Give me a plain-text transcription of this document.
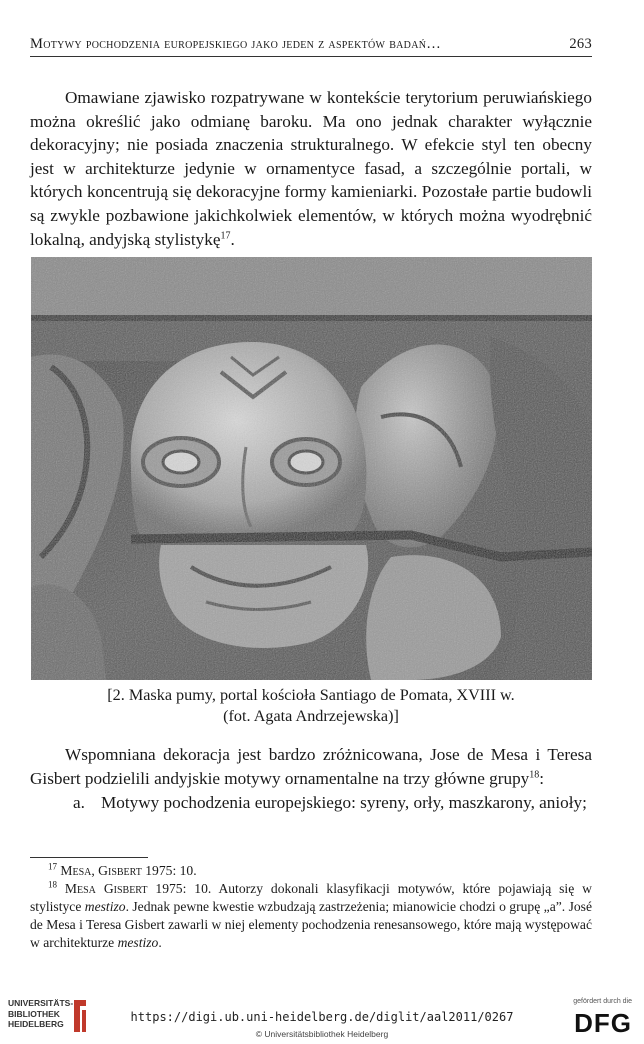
Motywy pochodzenia europejskiego jako jeden z aspektów badań…	263

Omawiane zjawisko rozpatrywane w kontekście terytorium peruwiańskiego można określić jako odmianę baroku. Ma ono jednak charakter wyłącznie dekoracyjny; nie posiada znaczenia strukturalnego. W efekcie styl ten obecny jest w architekturze jedynie w ornamentyce fasad, a szczególnie portali, w których koncentrują się dekoracyjne formy kamieniarki. Pozostałe partie budowli są zwykle pozbawione jakichkolwiek elementów, w których można wyodrębnić lokalną, andyjską stylistykę$^{17}$.

[2. Maska pumy, portal kościoła Santiago de Pomata, XVIII w.
(fot. Agata Andrzejewska)]

Wspomniana dekoracja jest bardzo zróżnicowana, Jose de Mesa i Teresa Gisbert podzielili andyjskie motywy ornamentalne na trzy główne grupy$^{18}$:

a. Motywy pochodzenia europejskiego: syreny, orły, maszkarony, anioły;

$^{17}$ Mesa, Gisbert 1975: 10.

$^{18}$ Mesa Gisbert 1975: 10. Autorzy dokonali klasyfikacji motywów, które pojawiają się w stylistyce mestizo. Jednak pewne kwestie wzbudzają zastrzeżenia; mianowicie chodzi o grupę „a”. José de Mesa i Teresa Gisbert zawarli w niej elementy pochodzenia renesansowego, które mają występować w architekturze mestizo.

UNIVERSITÄTS-
BIBLIOTHEK
HEIDELBERG	https://digi.ub.uni-heidelberg.de/diglit/aal2011/0267
© Universitätsbibliothek Heidelberg
gefördert durch die
DFG
